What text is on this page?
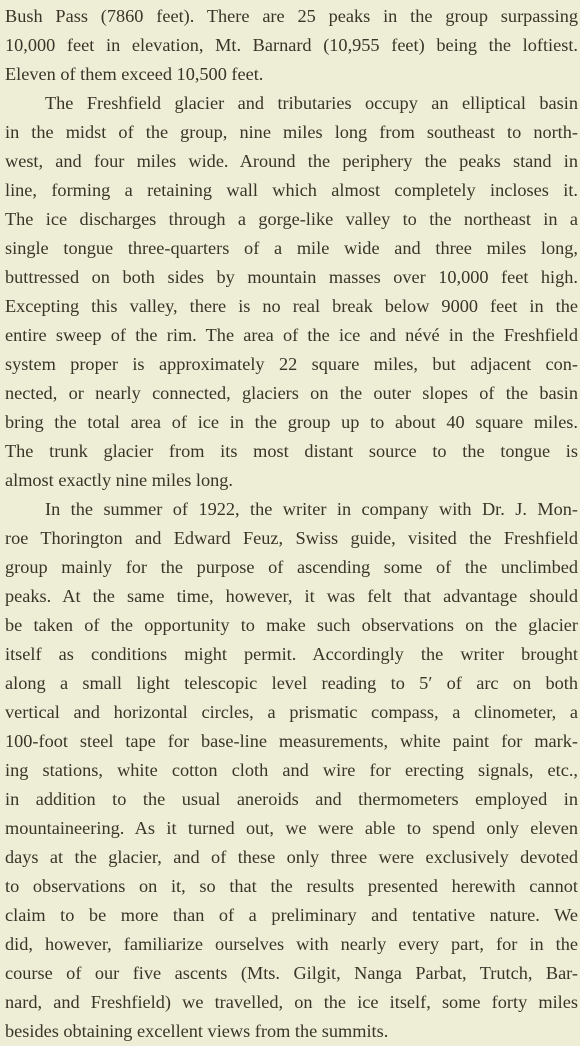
Bush Pass (7860 feet). There are 25 peaks in the group surpassing
10,000 feet in elevation, Mt. Barnard (10,955 feet) being the loftiest.
Eleven of them exceed 10,500 feet.
The Freshfield glacier and tributaries occupy an elliptical basin
in the midst of the group, nine miles long from southeast to north-
west, and four miles wide. Around the periphery the peaks stand in
line, forming a retaining wall which almost completely incloses it.
The ice discharges through a gorge-like valley to the northeast in a
single tongue three-quarters of a mile wide and three miles long,
buttressed on both sides by mountain masses over 10,000 feet high.
Excepting this valley, there is no real break below 9000 feet in the
entire sweep of the rim. The area of the ice and névé in the Freshfield
system proper is approximately 22 square miles, but adjacent con-
nected, or nearly connected, glaciers on the outer slopes of the basin
bring the total area of ice in the group up to about 40 square miles.
The trunk glacier from its most distant source to the tongue is
almost exactly nine miles long.
In the summer of 1922, the writer in company with Dr. J. Mon-
roe Thorington and Edward Feuz, Swiss guide, visited the Freshfield
group mainly for the purpose of ascending some of the unclimbed
peaks. At the same time, however, it was felt that advantage should
be taken of the opportunity to make such observations on the glacier
itself as conditions might permit. Accordingly the writer brought
along a small light telescopic level reading to 5′ of arc on both
vertical and horizontal circles, a prismatic compass, a clinometer, a
100-foot steel tape for base-line measurements, white paint for mark-
ing stations, white cotton cloth and wire for erecting signals, etc.,
in addition to the usual aneroids and thermometers employed in
mountaineering. As it turned out, we were able to spend only eleven
days at the glacier, and of these only three were exclusively devoted
to observations on it, so that the results presented herewith cannot
claim to be more than of a preliminary and tentative nature. We
did, however, familiarize ourselves with nearly every part, for in the
course of our five ascents (Mts. Gilgit, Nanga Parbat, Trutch, Bar-
nard, and Freshfield) we travelled, on the ice itself, some forty miles
besides obtaining excellent views from the summits.
